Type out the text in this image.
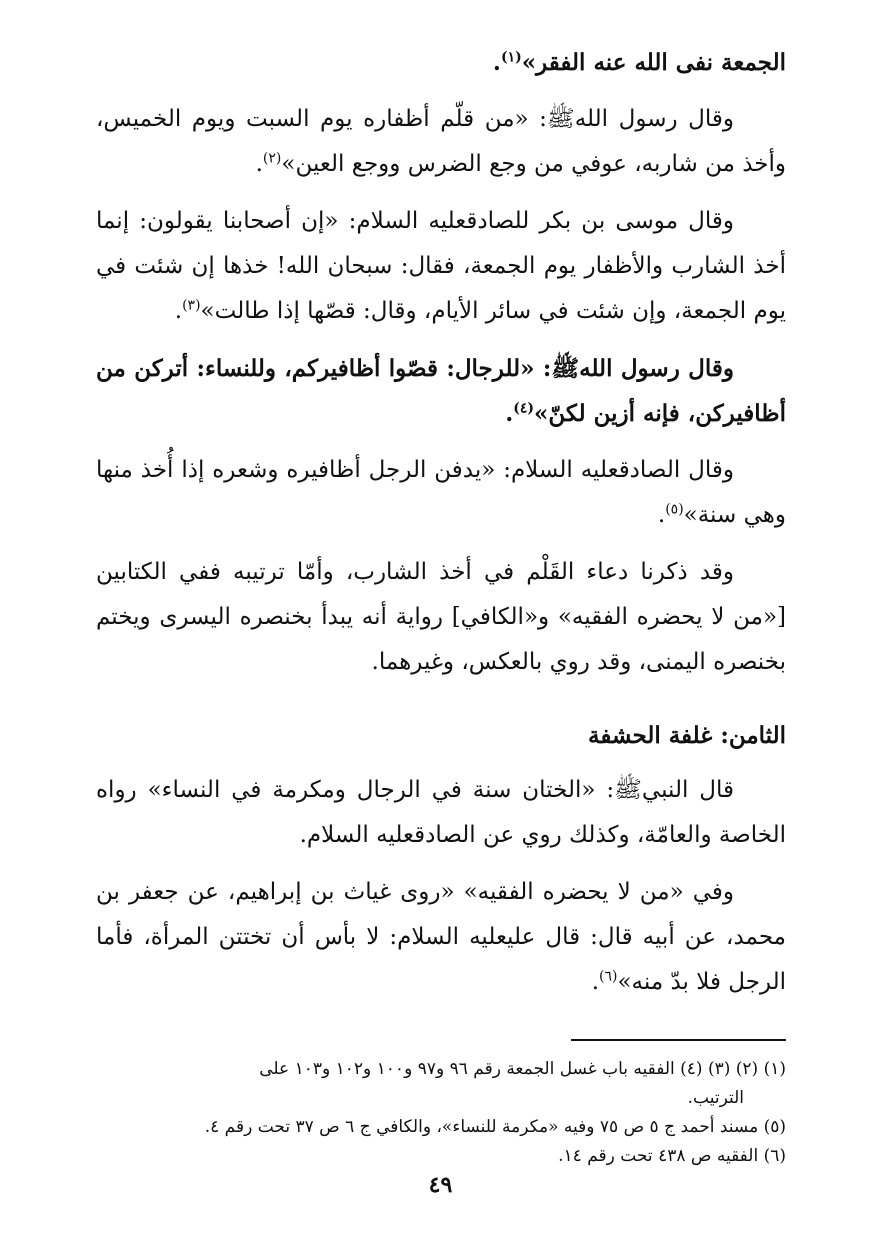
الجمعة نفى الله عنه الفقر»$^{(١)}$.

وقال رسول اللهﷺ: «من قلّم أظفاره يوم السبت ويوم الخميس، وأخذ من شاربه، عوفي من وجع الضرس ووجع العين»$^{(٢)}$.

وقال موسى بن بكر للصادقعليه السلام: «إن أصحابنا يقولون: إنما أخذ الشارب والأظفار يوم الجمعة، فقال: سبحان الله! خذها إن شئت في يوم الجمعة، وإن شئت في سائر الأيام، وقال: قصّها إذا طالت»$^{(٣)}$.

وقال رسول اللهﷺ: «للرجال: قصّوا أظافيركم، وللنساء: أتركن من أظافيركن، فإنه أزين لكنّ»$^{(٤)}$.

وقال الصادقعليه السلام: «يدفن الرجل أظافيره وشعره إذا أُخذ منها وهي سنة»$^{(٥)}$.

وقد ذكرنا دعاء القَلْم في أخذ الشارب، وأمّا ترتيبه ففي الكتابين [«من لا يحضره الفقيه» و«الكافي] رواية أنه يبدأ بخنصره اليسرى ويختم بخنصره اليمنى، وقد روي بالعكس، وغيرهما.

الثامن: غلفة الحشفة

قال النبيﷺ: «الختان سنة في الرجال ومكرمة في النساء» رواه الخاصة والعامّة، وكذلك روي عن الصادقعليه السلام.

وفي «من لا يحضره الفقيه» «روى غياث بن إبراهيم، عن جعفر بن محمد، عن أبيه قال: قال عليعليه السلام: لا بأس أن تختتن المرأة، فأما الرجل فلا بدّ منه»$^{(٦)}$.

(١) (٢) (٣) (٤) الفقيه باب غسل الجمعة رقم ٩٦ و٩٧ و١٠٠ و١٠٢ و١٠٣ على

الترتيب.

(٥) مسند أحمد ج ٥ ص ٧٥ وفيه «مكرمة للنساء»، والكافي ج ٦ ص ٣٧ تحت رقم ٤.

(٦) الفقيه ص ٤٣٨ تحت رقم ١٤.

٤٩
